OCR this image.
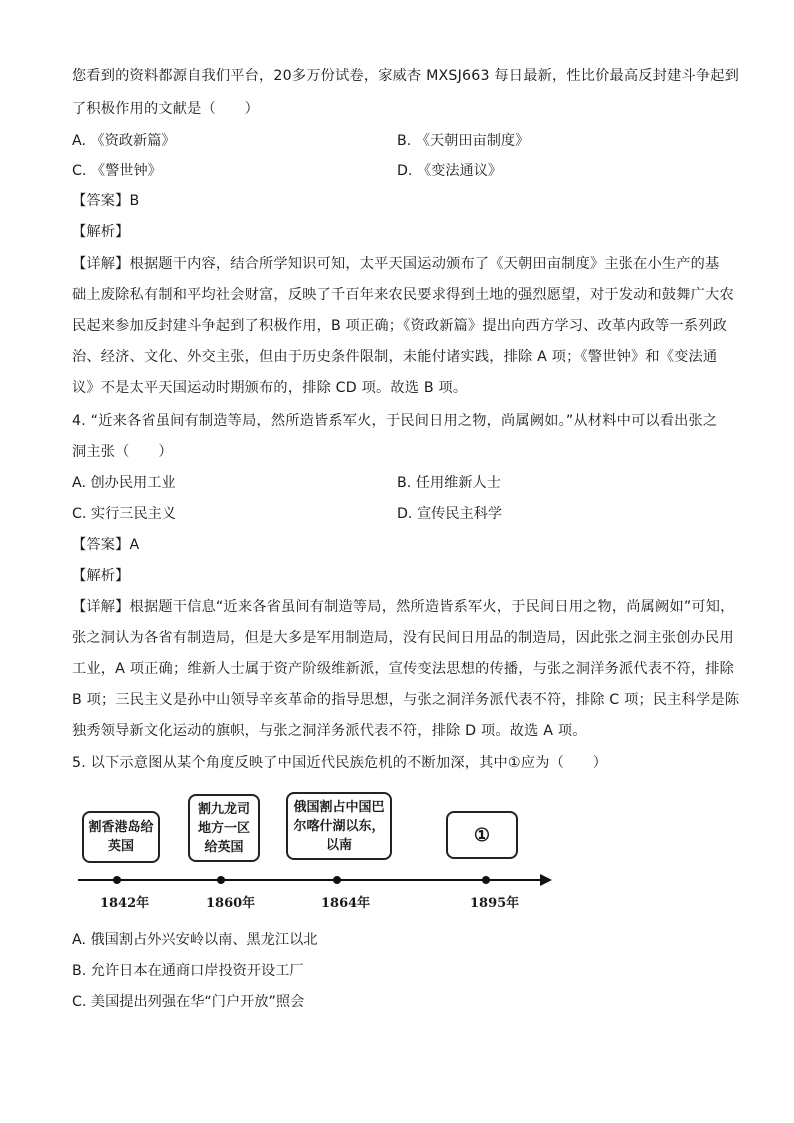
您看到的资料都源自我们平台，20多万份试卷，家威杏 MXSJ663 每日最新，性比价最高反封建斗争起到
了积极作用的文献是（　　）
A. 《资政新篇》	B. 《天朝田亩制度》
C. 《警世钟》	D. 《变法通议》
【答案】B
【解析】
【详解】根据题干内容，结合所学知识可知，太平天国运动颁布了《天朝田亩制度》主张在小生产的基
础上废除私有制和平均社会财富，反映了千百年来农民要求得到土地的强烈愿望，对于发动和鼓舞广大农
民起来参加反封建斗争起到了积极作用，B 项正确；《资政新篇》提出向西方学习、改革内政等一系列政
治、经济、文化、外交主张，但由于历史条件限制，未能付诸实践，排除 A 项；《警世钟》和《变法通
议》不是太平天国运动时期颁布的，排除 CD 项。故选 B 项。
4. “近来各省虽间有制造等局，然所造皆系军火，于民间日用之物，尚属阙如。”从材料中可以看出张之
洞主张（　　）
A. 创办民用工业	B. 任用维新人士
C. 实行三民主义	D. 宣传民主科学
【答案】A
【解析】
【详解】根据题干信息“近来各省虽间有制造等局，然所造皆系军火，于民间日用之物，尚属阙如”可知，
张之洞认为各省有制造局，但是大多是军用制造局，没有民间日用品的制造局，因此张之洞主张创办民用
工业，A 项正确；维新人士属于资产阶级维新派，宣传变法思想的传播，与张之洞洋务派代表不符，排除
B 项；三民主义是孙中山领导辛亥革命的指导思想，与张之洞洋务派代表不符，排除 C 项；民主科学是陈
独秀领导新文化运动的旗帜，与张之洞洋务派代表不符，排除 D 项。故选 A 项。
5. 以下示意图从某个角度反映了中国近代民族危机的不断加深，其中①应为（　　）
割香港岛给英国
割九龙司地方一区给英国
俄国割占中国巴尔喀什湖以东，以南	①
1842年	1860年	1864年	1895年
A. 俄国割占外兴安岭以南、黑龙江以北
B. 允许日本在通商口岸投资开设工厂
C. 美国提出列强在华“门户开放”照会
